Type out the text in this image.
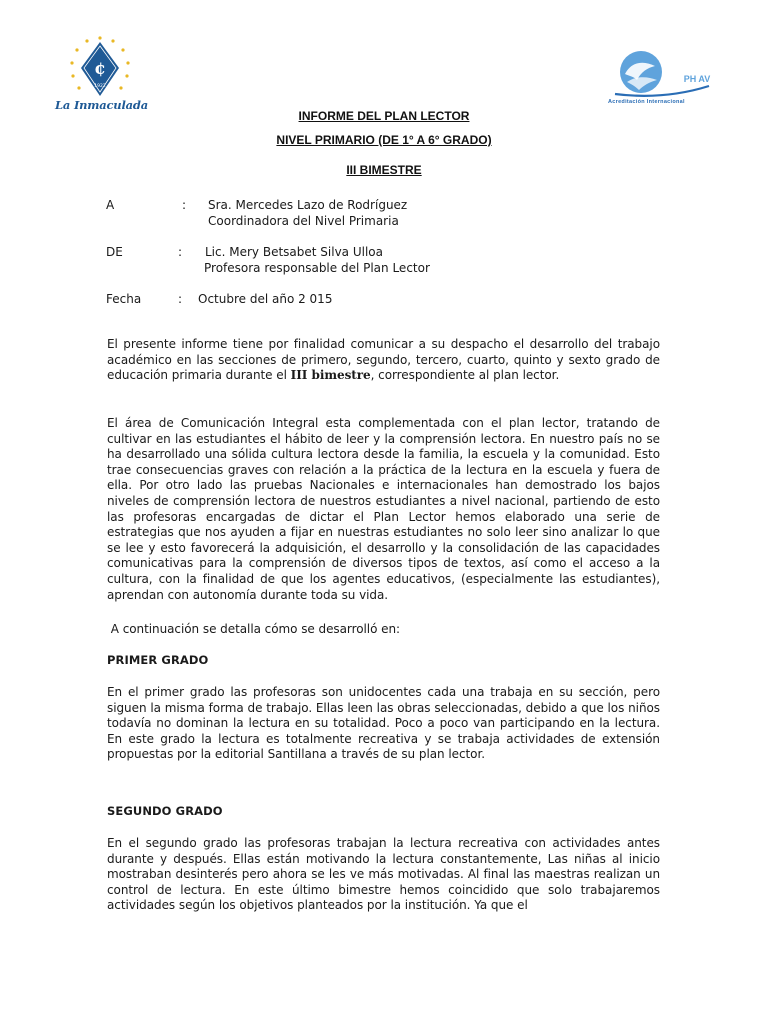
¢
1922
La Inmaculada
PH AV
Acreditación Internacional
INFORME DEL PLAN LECTOR
NIVEL PRIMARIO (DE 1° A 6° GRADO)
III BIMESTRE
A	: Sra. Mercedes Lazo de Rodríguez
Coordinadora del Nivel Primaria
DE	: Lic. Mery Betsabet Silva Ulloa
Profesora responsable del Plan Lector
Fecha	: Octubre del año 2 015

El presente informe tiene por finalidad comunicar a su despacho el desarrollo del trabajo académico en las secciones de primero, segundo, tercero, cuarto, quinto y sexto grado de educación primaria durante el III bimestre, correspondiente al plan lector.

El área de Comunicación Integral esta complementada con el plan lector, tratando de cultivar en las estudiantes el hábito de leer y la comprensión lectora. En nuestro país no se ha desarrollado una sólida cultura lectora desde la familia, la escuela y la comunidad. Esto trae consecuencias graves con relación a la práctica de la lectura en la escuela y fuera de ella. Por otro lado las pruebas Nacionales e internacionales han demostrado los bajos niveles de comprensión lectora de nuestros estudiantes a nivel nacional, partiendo de esto las profesoras encargadas de dictar el Plan Lector hemos elaborado una serie de estrategias que nos ayuden a fijar en nuestras estudiantes no solo leer sino analizar lo que se lee y esto favorecerá la adquisición, el desarrollo y la consolidación de las capacidades comunicativas para la comprensión de diversos tipos de textos, así como el acceso a la cultura, con la finalidad de que los agentes educativos, (especialmente las estudiantes), aprendan con autonomía durante toda su vida.

A continuación se detalla cómo se desarrolló en:
PRIMER GRADO

En el primer grado las profesoras son unidocentes cada una trabaja en su sección, pero siguen la misma forma de trabajo. Ellas leen las obras seleccionadas, debido a que los niños todavía no dominan la lectura en su totalidad. Poco a poco van participando en la lectura. En este grado la lectura es totalmente recreativa y se trabaja actividades de extensión propuestas por la editorial Santillana a través de su plan lector.

SEGUNDO GRADO

En el segundo grado las profesoras trabajan la lectura recreativa con actividades antes durante y después. Ellas están motivando la lectura constantemente, Las niñas al inicio mostraban desinterés pero ahora se les ve más motivadas. Al final las maestras realizan un control de lectura. En este último bimestre hemos coincidido que solo trabajaremos actividades según los objetivos planteados por la institución. Ya que el
